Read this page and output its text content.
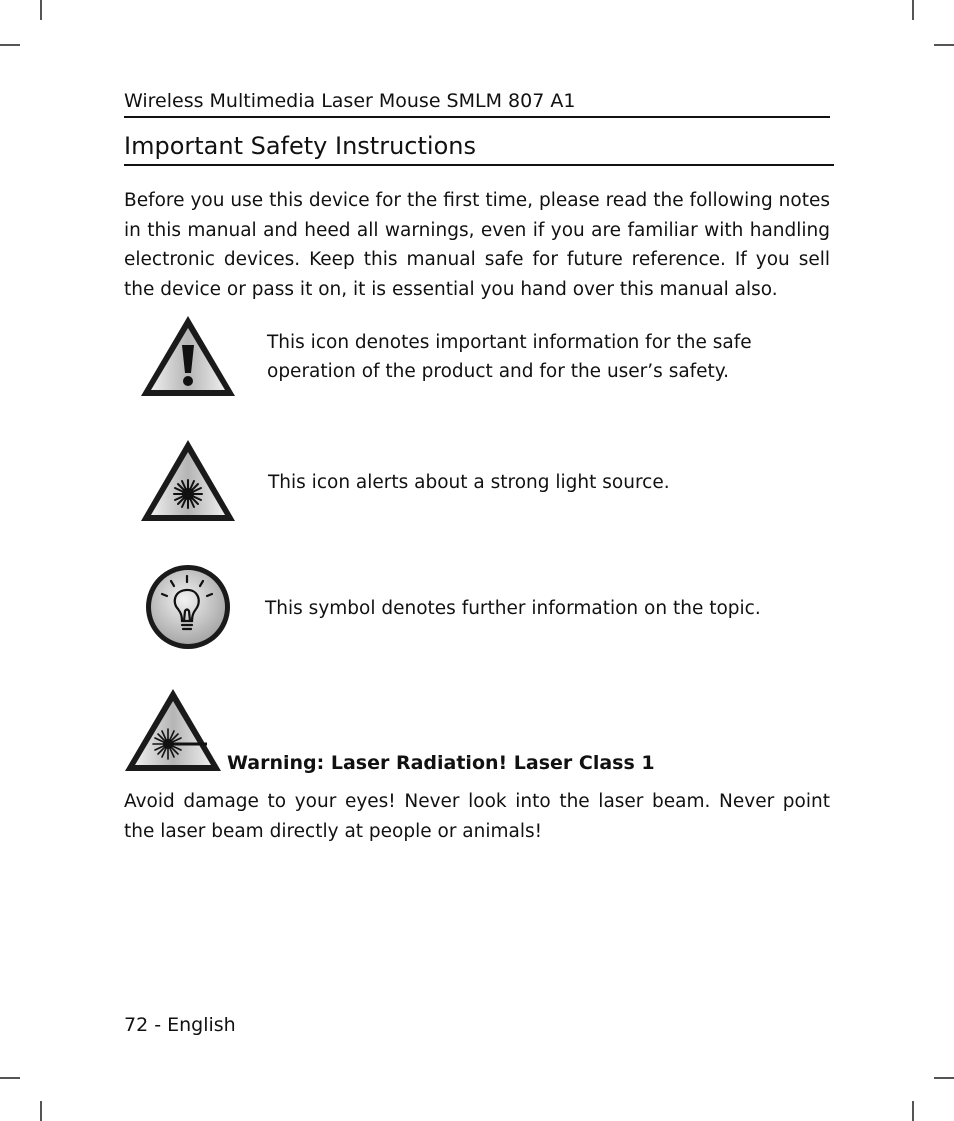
Wireless Multimedia Laser Mouse SMLM 807 A1
Important Safety Instructions

Before you use this device for the first time, please read the following notes in this manual and heed all warnings, even if you are familiar with handling electronic devices. Keep this manual safe for future reference. If you sell the device or pass it on, it is essential you hand over this manual also.

This icon denotes important information for the safe operation of the product and for the user’s safety.

This icon alerts about a strong light source.

This symbol denotes further information on the topic.

Warning: Laser Radiation! Laser Class 1

Avoid damage to your eyes! Never look into the laser beam. Never point the laser beam directly at people or animals!

72 - English
